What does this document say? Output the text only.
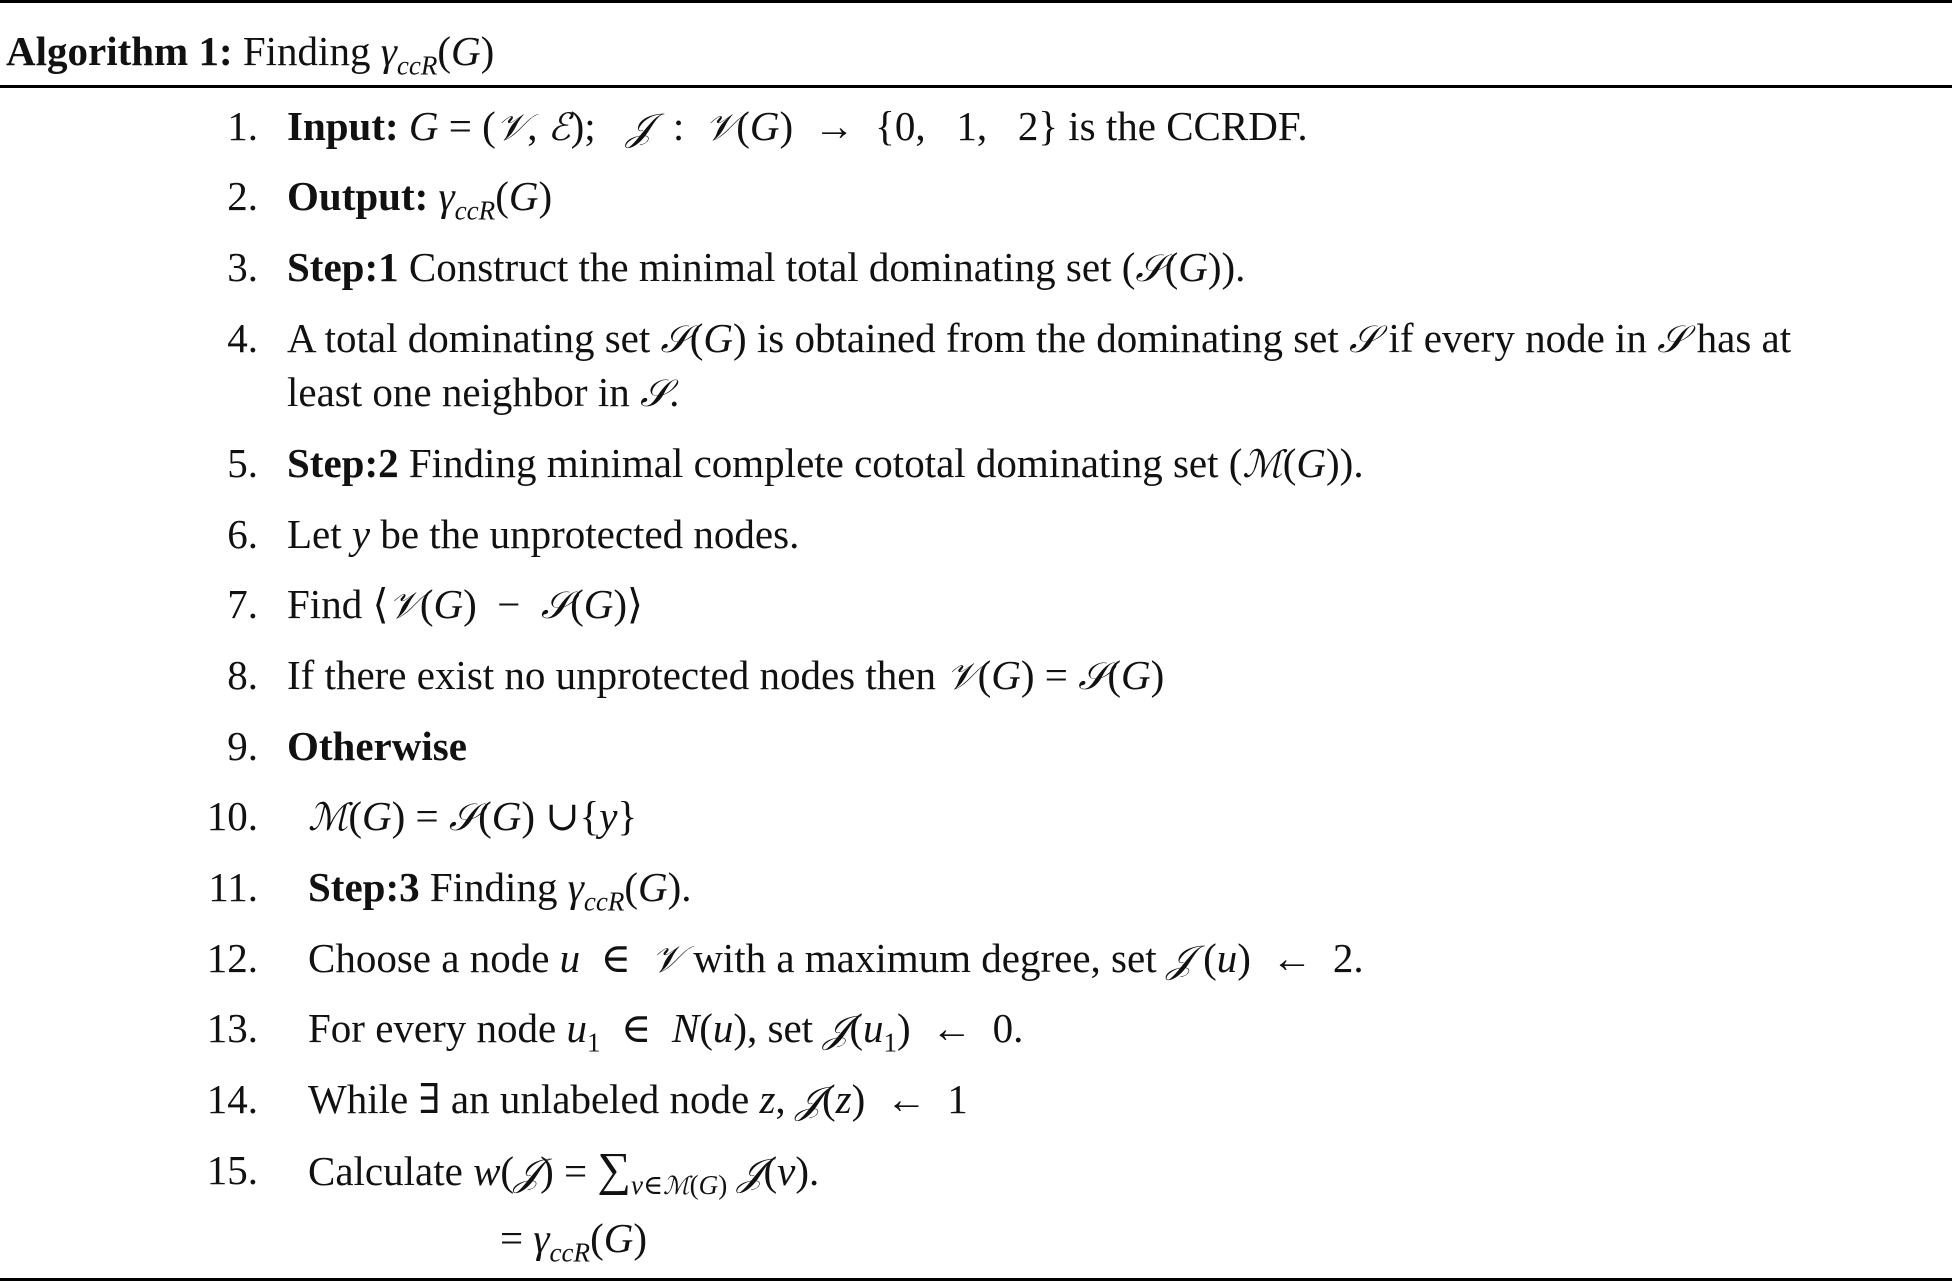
Algorithm 1: Finding $\gamma_{ccR}(G)$
1. Input: G = (𝒱, ℰ);   𝒥  :  𝒱(G)  →  {0,   1,   2} is the CCRDF.
2. Output: $\gamma_{ccR}(G)$
3. Step:1 Construct the minimal total dominating set (𝒮(G)).
4. A total dominating set 𝒮(G) is obtained from the dominating set 𝒮 if every node in 𝒮 has at
least one neighbor in 𝒮.
5. Step:2 Finding minimal complete cototal dominating set (ℳ(G)).
6. Let y be the unprotected nodes.
7. Find ⟨𝒱(G)  −  𝒮(G)⟩
8. If there exist no unprotected nodes then 𝒱(G) = 𝒮(G)
9. Otherwise
10. ℳ(G) = 𝒮(G) ∪{y}
11. Step:3 Finding $\gamma_{ccR}(G)$.
12. Choose a node u  ∈  𝒱 with a maximum degree, set 𝒥 (u)  ←  2.
13. For every node $u_1$  ∈  N(u), set $𝒥(u_1)$  ←  0.
14. While ∃ an unlabeled node z, 𝒥(z)  ←  1
15. Calculate w(𝒥) = $\sum_{v\in ℳ(G)}$ 𝒥(v).
= $\gamma_{ccR}(G)$
